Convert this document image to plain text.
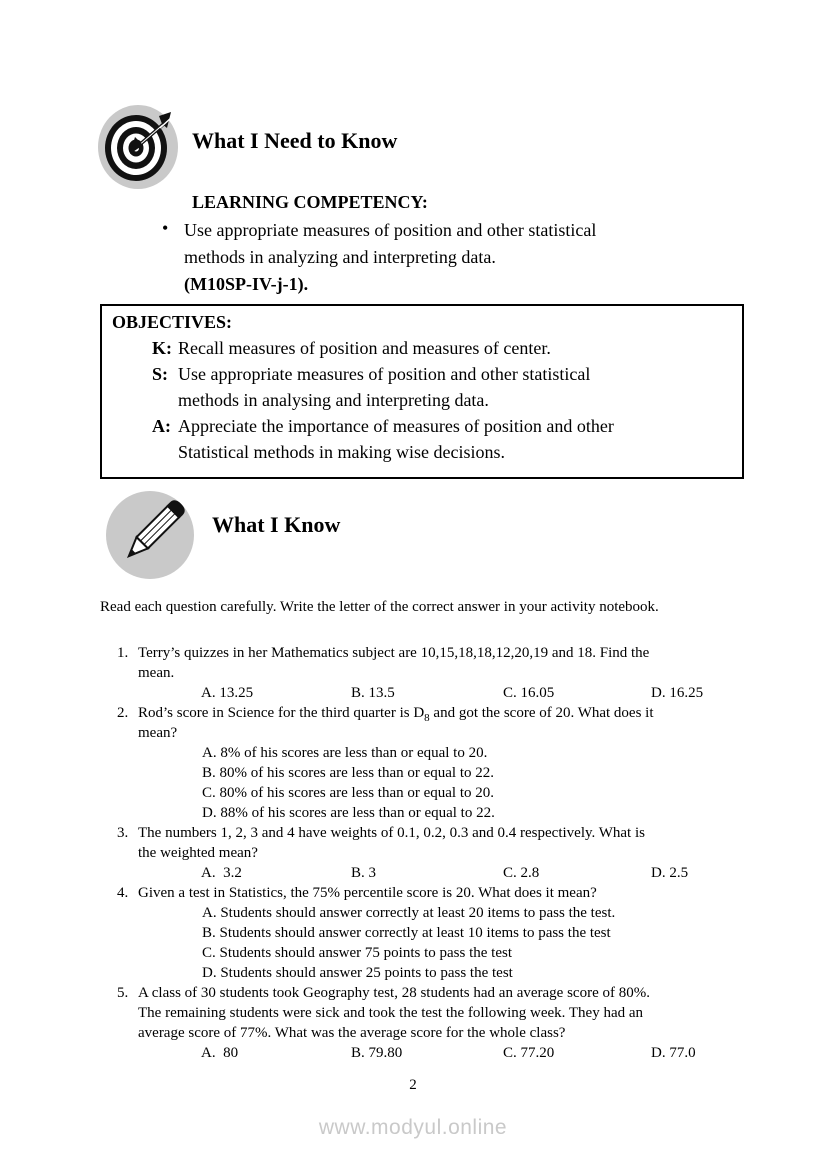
What I Need to Know
LEARNING COMPETENCY:
• Use appropriate measures of position and other statistical
methods in analyzing and interpreting data.
(M10SP-IV-j-1).
OBJECTIVES:
K: Recall measures of position and measures of center.
S: Use appropriate measures of position and other statistical
methods in analysing and interpreting data.
A: Appreciate the importance of measures of position and other
Statistical methods in making wise decisions.
What I Know

Read each question carefully. Write the letter of the correct answer in your activity notebook.

1. Terry’s quizzes in her Mathematics subject are 10,15,18,18,12,20,19 and 18. Find the
mean.
A. 13.25	B. 13.5	C. 16.05	D. 16.25
2. Rod’s score in Science for the third quarter is $D_8$ and got the score of 20. What does it
mean?
A. 8% of his scores are less than or equal to 20.
B. 80% of his scores are less than or equal to 22.
C. 80% of his scores are less than or equal to 20.
D. 88% of his scores are less than or equal to 22.
3. The numbers 1, 2, 3 and 4 have weights of 0.1, 0.2, 0.3 and 0.4 respectively. What is
the weighted mean?
A.  3.2	B. 3	C. 2.8	D. 2.5
4. Given a test in Statistics, the 75% percentile score is 20. What does it mean?
A. Students should answer correctly at least 20 items to pass the test.
B. Students should answer correctly at least 10 items to pass the test
C. Students should answer 75 points to pass the test
D. Students should answer 25 points to pass the test
5. A class of 30 students took Geography test, 28 students had an average score of 80%.
The remaining students were sick and took the test the following week. They had an
average score of 77%. What was the average score for the whole class?
A.  80	B. 79.80	C. 77.20	D. 77.0
2
www.modyul.online
